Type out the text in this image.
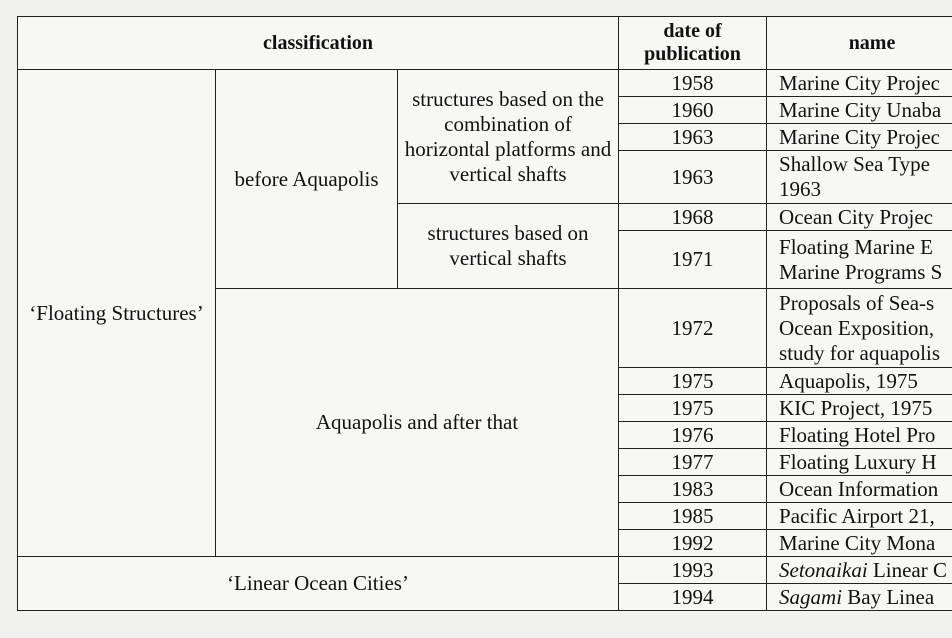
classification			date of publication	name
‘Floating Structures’	before Aquapolis	structures based on the combination of horizontal platforms and vertical shafts	1958	Marine City Projec

			1960	Marine City Unaba

			1963	Marine City Projec

			1963	Shallow Sea Type
1963

		structures based on vertical shafts	1968	Ocean City Projec

			1971	Floating Marine E
Marine Programs S

	Aquapolis and after that		1972	Proposals of Sea-s
Ocean Exposition,
study for aquapolis

			1975	Aquapolis, 1975

			1975	KIC Project, 1975

			1976	Floating Hotel Pro

			1977	Floating Luxury H

			1983	Ocean Information

			1985	Pacific Airport 21,

			1992	Marine City Mona

‘Linear Ocean Cities’			1993	Setonaikai Linear C
			1994	Sagami Bay Linea
